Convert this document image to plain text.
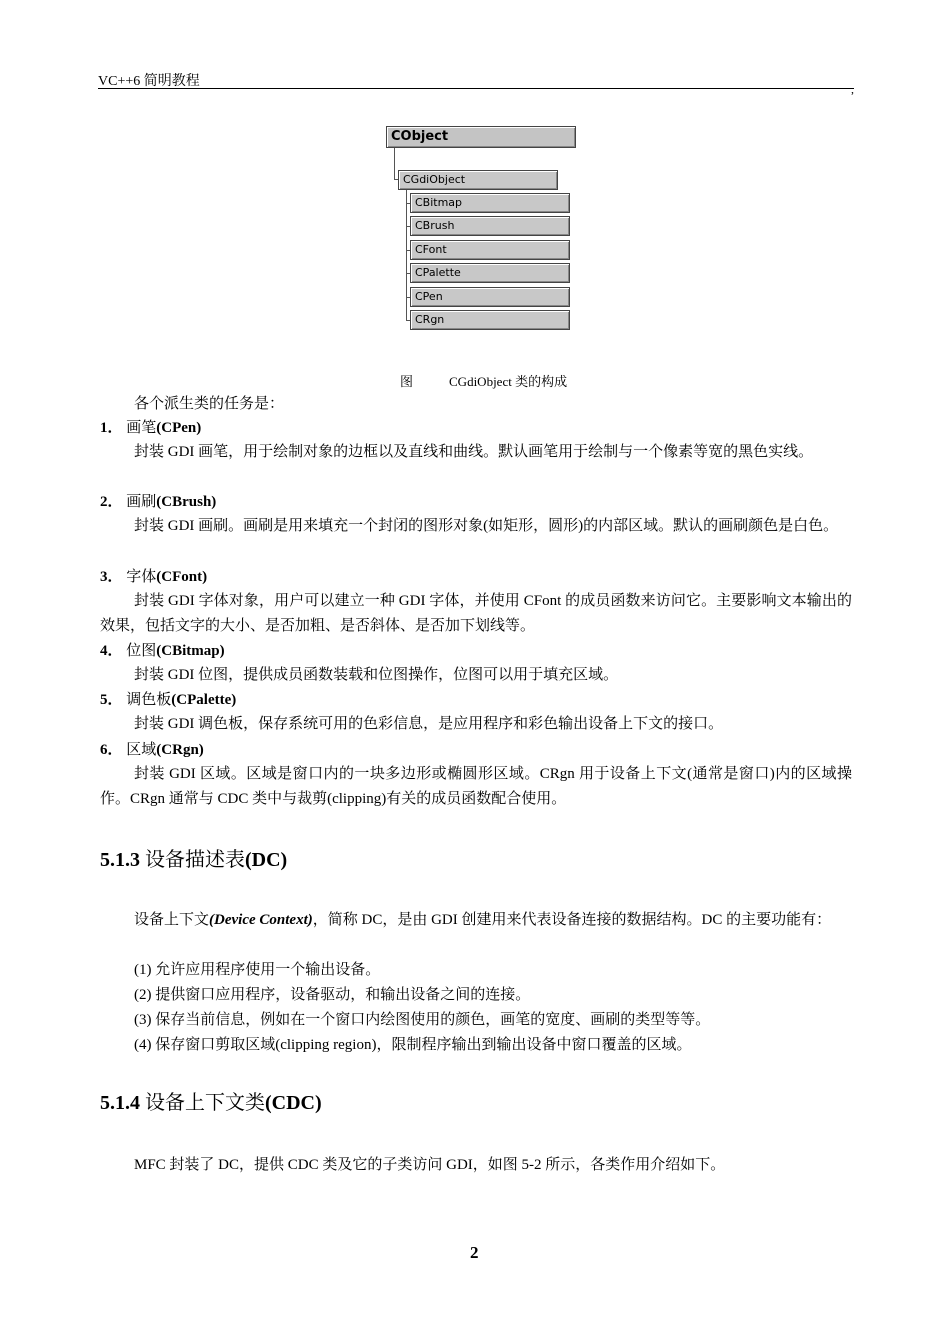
VC++6 简明教程	,
CObject
CGdiObject
CBitmap
CBrush
CFont
CPalette
CPen
CRgn
图	CGdiObject 类的构成
各个派生类的任务是：
1． 画笔(CPen)
封装 GDI 画笔，用于绘制对象的边框以及直线和曲线。默认画笔用于绘制与一个像素等宽的黑色实线。
2． 画刷(CBrush)
封装 GDI 画刷。画刷是用来填充一个封闭的图形对象(如矩形，圆形)的内部区域。默认的画刷颜色是白色。
3． 字体(CFont)
封装 GDI 字体对象，用户可以建立一种 GDI 字体，并使用 CFont 的成员函数来访问它。主要影响文本输出的效果，包括文字的大小、是否加粗、是否斜体、是否加下划线等。
4． 位图(CBitmap)
封装 GDI 位图，提供成员函数装载和位图操作，位图可以用于填充区域。
5． 调色板(CPalette)
封装 GDI 调色板，保存系统可用的色彩信息，是应用程序和彩色输出设备上下文的接口。
6． 区域(CRgn)
封装 GDI 区域。区域是窗口内的一块多边形或椭圆形区域。CRgn 用于设备上下文(通常是窗口)内的区域操作。CRgn 通常与 CDC 类中与裁剪(clipping)有关的成员函数配合使用。
5.1.3 设备描述表(DC)
设备上下文(Device Context)，简称 DC，是由 GDI 创建用来代表设备连接的数据结构。DC 的主要功能有：
(1) 允许应用程序使用一个输出设备。
(2) 提供窗口应用程序，设备驱动，和输出设备之间的连接。
(3) 保存当前信息，例如在一个窗口内绘图使用的颜色，画笔的宽度、画刷的类型等等。
(4) 保存窗口剪取区域(clipping region)，限制程序输出到输出设备中窗口覆盖的区域。
5.1.4 设备上下文类(CDC)
MFC 封装了 DC，提供 CDC 类及它的子类访问 GDI，如图 5-2 所示，各类作用介绍如下。
2
